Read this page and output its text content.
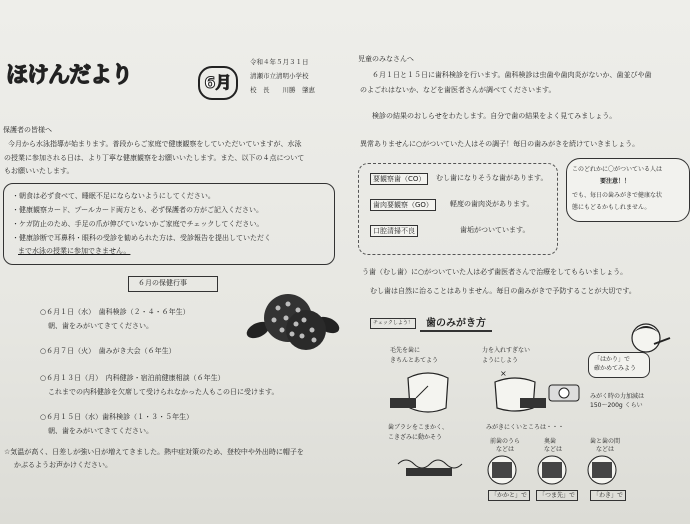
ほけんだより	6月
令和４年５月３１日
清瀬市立清明小学校
校　長　　川勝　肇恵
保護者の皆様へ
今月から水泳指導が始まります。普段からご家庭で健康観察をしていただいていますが、水泳
の授業に参加される日は、より丁寧な健康観察をお願いいたします。また、以下の４点について
もお願いいたします。
・朝食は必ず食べて、睡眠不足にならないようにしてください。
・健康観察カード、プールカード両方とも、必ず保護者の方がご記入ください。
・ケガ防止のため、手足の爪が伸びていないかご家庭でチェックしてください。
・健康診断で耳鼻科・眼科の受診を勧められた方は、受診報告を提出していただく
まで水泳の授業に参加できません。
６月の保健行事
○６月１日（水）　歯科検診（２・４・６年生）
朝、歯をみがいてきてください。
○６月７日（火）　歯みがき大会（６年生）
○６月１３日（月）　内科健診・宿泊前健康相談（６年生）
これまでの内科健診を欠席して受けられなかった人もこの日に受けます。
○６月１５日（水）歯科検診（１・３・５年生）
朝、歯をみがいてきてください。
☆気温が高く、日差しが強い日が増えてきました。熱中症対策のため、登校中や外出時に帽子を
かぶるようお声かけください。
児童のみなさんへ
６月１日と１５日に歯科検診を行います。歯科検診は虫歯や歯肉炎がないか、歯並びや歯
のよごれはないか、などを歯医者さんが調べてくださいます。
検診の結果のおしらせをわたします。自分で歯の結果をよく見てみましょう。
異常ありませんに○がついていた人はその調子！毎日の歯みがきを続けていきましょう。
要観察歯（CO）	むし歯になりそうな歯があります。
歯肉要観察（GO）	軽度の歯肉炎があります。
口腔清掃不良	歯垢がついています。
このどれかに〇がついている人は
要注意！！
でも、毎日の歯みがきで健康な状
態にもどるかもしれません。
う歯（むし歯）に○がついていた人は必ず歯医者さんで治療をしてもらいましょう。
むし歯は自然に治ることはありません。毎日の歯みがきで予防することが大切です。
チェックしよう！	歯のみがき方
毛先を歯に
きちんとあてよう
力を入れすぎない
ようにしよう
×
「はかり」で
確かめてみよう
みがく時の力加減は
150～200g くらい
歯ブラシをこまかく、
こきざみに動かそう
みがきにくいところは・・・
前歯のうら
などは
奥歯
などは
歯と歯の間
などは
「かかと」で	「つま先」で	「わき」で
